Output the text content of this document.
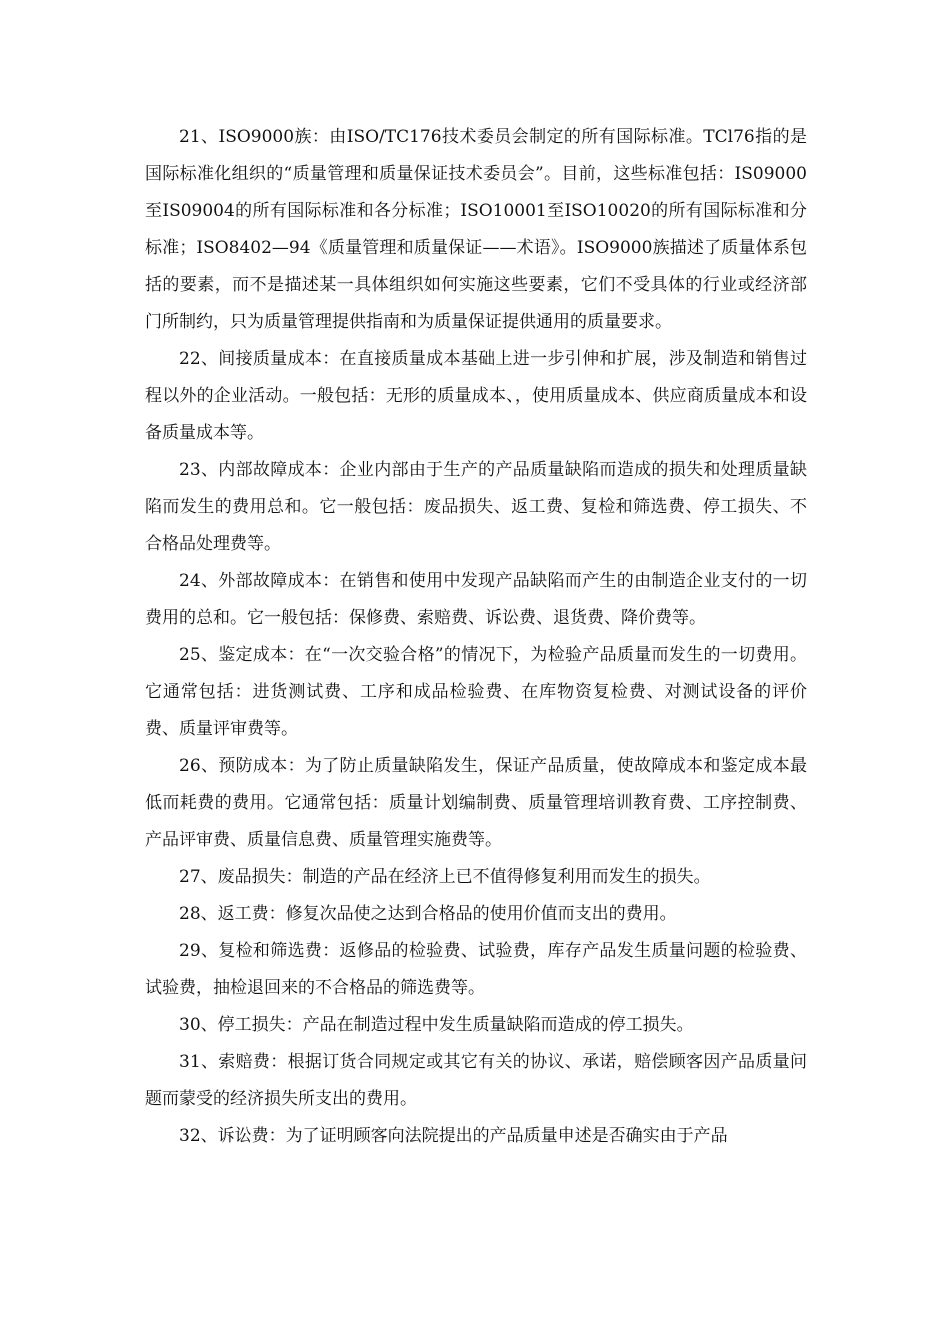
21、ISO9000族：由ISO/TC176技术委员会制定的所有国际标准。TCl76指的是国际标准化组织的“质量管理和质量保证技术委员会”。目前，这些标准包括：IS09000至IS09004的所有国际标准和各分标准；ISO10001至ISO10020的所有国际标准和分标准；ISO8402—94《质量管理和质量保证——术语》。ISO9000族描述了质量体系包括的要素，而不是描述某一具体组织如何实施这些要素，它们不受具体的行业或经济部门所制约，只为质量管理提供指南和为质量保证提供通用的质量要求。

22、间接质量成本：在直接质量成本基础上进一步引伸和扩展，涉及制造和销售过程以外的企业活动。一般包括：无形的质量成本、，使用质量成本、供应商质量成本和设备质量成本等。

23、内部故障成本：企业内部由于生产的产品质量缺陷而造成的损失和处理质量缺陷而发生的费用总和。它一般包括：废品损失、返工费、复检和筛选费、停工损失、不合格品处理费等。

24、外部故障成本：在销售和使用中发现产品缺陷而产生的由制造企业支付的一切费用的总和。它一般包括：保修费、索赔费、诉讼费、退货费、降价费等。

25、鉴定成本：在“一次交验合格”的情况下，为检验产品质量而发生的一切费用。它通常包括：进货测试费、工序和成品检验费、在库物资复检费、对测试设备的评价费、质量评审费等。

26、预防成本：为了防止质量缺陷发生，保证产品质量，使故障成本和鉴定成本最低而耗费的费用。它通常包括：质量计划编制费、质量管理培训教育费、工序控制费、产品评审费、质量信息费、质量管理实施费等。

27、废品损失：制造的产品在经济上已不值得修复利用而发生的损失。

28、返工费：修复次品使之达到合格品的使用价值而支出的费用。

29、复检和筛选费：返修品的检验费、试验费，库存产品发生质量问题的检验费、试验费，抽检退回来的不合格品的筛选费等。

30、停工损失：产品在制造过程中发生质量缺陷而造成的停工损失。

31、索赔费：根据订货合同规定或其它有关的协议、承诺，赔偿顾客因产品质量问题而蒙受的经济损失所支出的费用。

32、诉讼费：为了证明顾客向法院提出的产品质量申述是否确实由于产品
